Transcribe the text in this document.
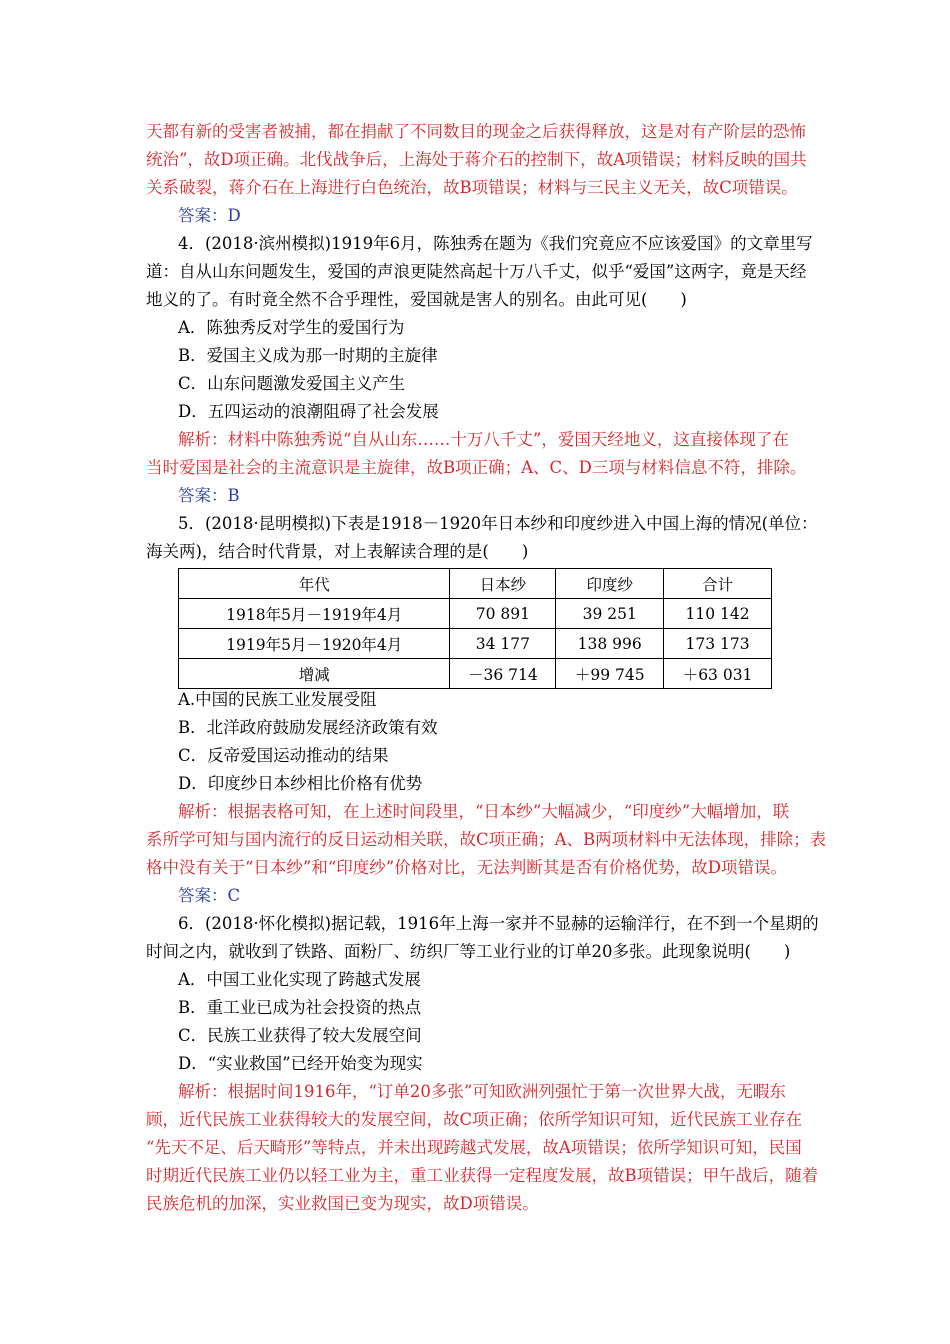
天都有新的受害者被捕，都在捐献了不同数目的现金之后获得释放，这是对有产阶层的恐怖
统治”，故D项正确。北伐战争后，上海处于蒋介石的控制下，故A项错误；材料反映的国共
关系破裂，蒋介石在上海进行白色统治，故B项错误；材料与三民主义无关，故C项错误。
答案：D
4．(2018·滨州模拟)1919年6月，陈独秀在题为《我们究竟应不应该爱国》的文章里写
道：自从山东问题发生，爱国的声浪更陡然高起十万八千丈，似乎“爱国”这两字，竟是天经
地义的了。有时竟全然不合乎理性，爱国就是害人的别名。由此可见(　　)
A．陈独秀反对学生的爱国行为
B．爱国主义成为那一时期的主旋律
C．山东问题激发爱国主义产生
D．五四运动的浪潮阻碍了社会发展
解析：材料中陈独秀说“自从山东……十万八千丈”，爱国天经地义，这直接体现了在
当时爱国是社会的主流意识是主旋律，故B项正确；A、C、D三项与材料信息不符，排除。
答案：B
5．(2018·昆明模拟)下表是1918－1920年日本纱和印度纱进入中国上海的情况(单位：
海关两)，结合时代背景，对上表解读合理的是(　　)
A.中国的民族工业发展受阻
B．北洋政府鼓励发展经济政策有效
C．反帝爱国运动推动的结果
D．印度纱日本纱相比价格有优势
解析：根据表格可知，在上述时间段里，“日本纱”大幅减少，“印度纱”大幅增加，联
系所学可知与国内流行的反日运动相关联，故C项正确；A、B两项材料中无法体现，排除；表
格中没有关于“日本纱”和“印度纱”价格对比，无法判断其是否有价格优势，故D项错误。
答案：C
6．(2018·怀化模拟)据记载，1916年上海一家并不显赫的运输洋行，在不到一个星期的
时间之内，就收到了铁路、面粉厂、纺织厂等工业行业的订单20多张。此现象说明(　　)
A．中国工业化实现了跨越式发展
B．重工业已成为社会投资的热点
C．民族工业获得了较大发展空间
D．“实业救国”已经开始变为现实
解析：根据时间1916年，“订单20多张”可知欧洲列强忙于第一次世界大战，无暇东
顾，近代民族工业获得较大的发展空间，故C项正确；依所学知识可知，近代民族工业存在
“先天不足、后天畸形”等特点，并未出现跨越式发展，故A项错误；依所学知识可知，民国
时期近代民族工业仍以轻工业为主，重工业获得一定程度发展，故B项错误；甲午战后，随着
民族危机的加深，实业救国已变为现实，故D项错误。
年代	日本纱	印度纱	合计
1918年5月－1919年4月	70 891	39 251	110 142
1919年5月－1920年4月	34 177	138 996	173 173
增减	－36 714	＋99 745	＋63 031
